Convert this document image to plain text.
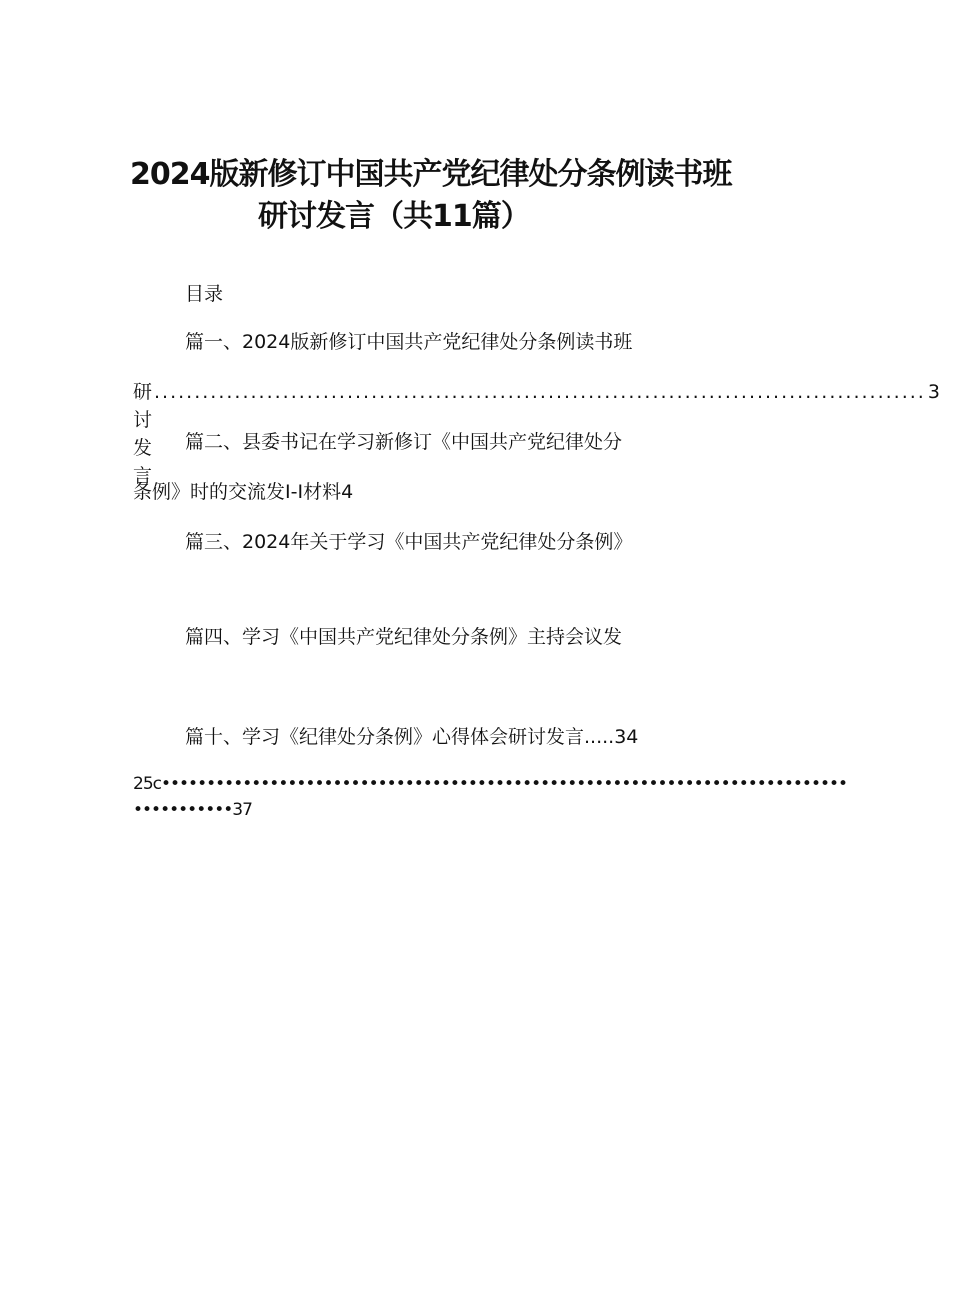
2024版新修订中国共产党纪律处分条例读书班
研讨发言（共11篇）
目录
篇一、2024版新修订中国共产党纪律处分条例读书班
研讨发言
................................................................................................ 3
篇二、县委书记在学习新修订《中国共产党纪律处分
条例》时的交流发I-I材料4
篇三、2024年关于学习《中国共产党纪律处分条例》
篇四、学习《中国共产党纪律处分条例》主持会议发
篇十、学习《纪律处分条例》心得体会研讨发言.....34
25c••••••••••••••••••••••••••••••••••••••••••••••••••••••••••••••••••••••••••••
•••••••••••37
